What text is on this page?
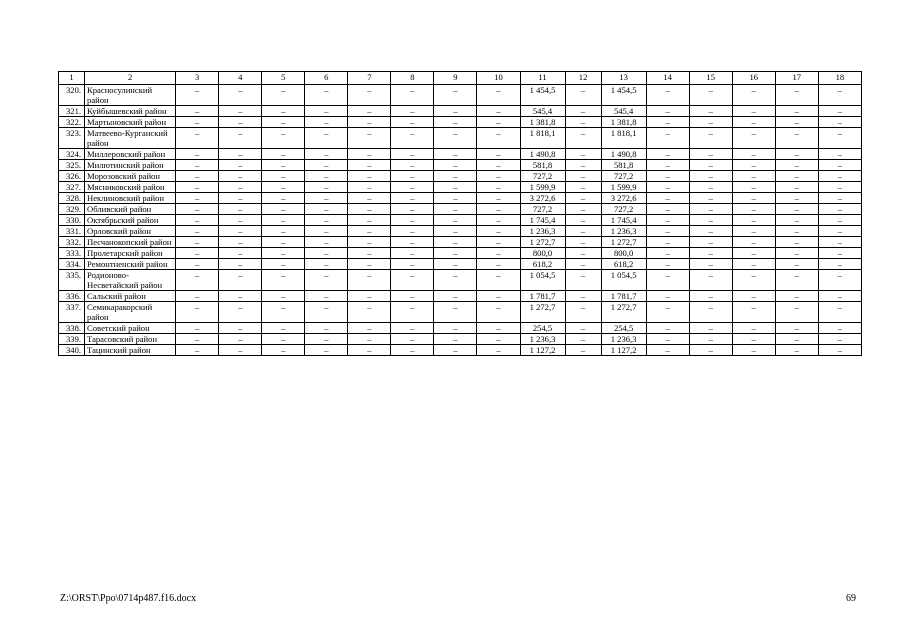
1	2	3	4	5	6	7	8	9	10	11	12	13	14	15	16	17	18
320.	Красносулинский район	–	–	–	–	–	–	–	–	1 454,5	–	1 454,5	–	–	–	–	–
321.	Куйбышевский район	–	–	–	–	–	–	–	–	545,4	–	545,4	–	–	–	–	–
322.	Мартыновский район	–	–	–	–	–	–	–	–	1 381,8	–	1 381,8	–	–	–	–	–
323.	Матвеево-Курганский район	–	–	–	–	–	–	–	–	1 818,1	–	1 818,1	–	–	–	–	–
324.	Миллеровский район	–	–	–	–	–	–	–	–	1 490,8	–	1 490,8	–	–	–	–	–
325.	Милютинский район	–	–	–	–	–	–	–	–	581,8	–	581,8	–	–	–	–	–
326.	Морозовский район	–	–	–	–	–	–	–	–	727,2	–	727,2	–	–	–	–	–
327.	Мясниковский район	–	–	–	–	–	–	–	–	1 599,9	–	1 599,9	–	–	–	–	–
328.	Неклиновский район	–	–	–	–	–	–	–	–	3 272,6	–	3 272,6	–	–	–	–	–
329.	Обливский район	–	–	–	–	–	–	–	–	727,2	–	727,2	–	–	–	–	–
330.	Октябрьский район	–	–	–	–	–	–	–	–	1 745,4	–	1 745,4	–	–	–	–	–
331.	Орловский район	–	–	–	–	–	–	–	–	1 236,3	–	1 236,3	–	–	–	–	–
332.	Песчанокопский район	–	–	–	–	–	–	–	–	1 272,7	–	1 272,7	–	–	–	–	–
333.	Пролетарский район	–	–	–	–	–	–	–	–	800,0	–	800,0	–	–	–	–	–
334.	Ремонтненский район	–	–	–	–	–	–	–	–	618,2	–	618,2	–	–	–	–	–
335.	Родионово-Несветайский район	–	–	–	–	–	–	–	–	1 054,5	–	1 054,5	–	–	–	–	–
336.	Сальский район	–	–	–	–	–	–	–	–	1 781,7	–	1 781,7	–	–	–	–	–
337.	Семикаракорский район	–	–	–	–	–	–	–	–	1 272,7	–	1 272,7	–	–	–	–	–
338.	Советский район	–	–	–	–	–	–	–	–	254,5	–	254,5	–	–	–	–	–
339.	Тарасовский район	–	–	–	–	–	–	–	–	1 236,3	–	1 236,3	–	–	–	–	–
340.	Тацинский район	–	–	–	–	–	–	–	–	1 127,2	–	1 127,2	–	–	–	–	–
Z:\ORST\Ppo\0714p487.f16.docx	69
